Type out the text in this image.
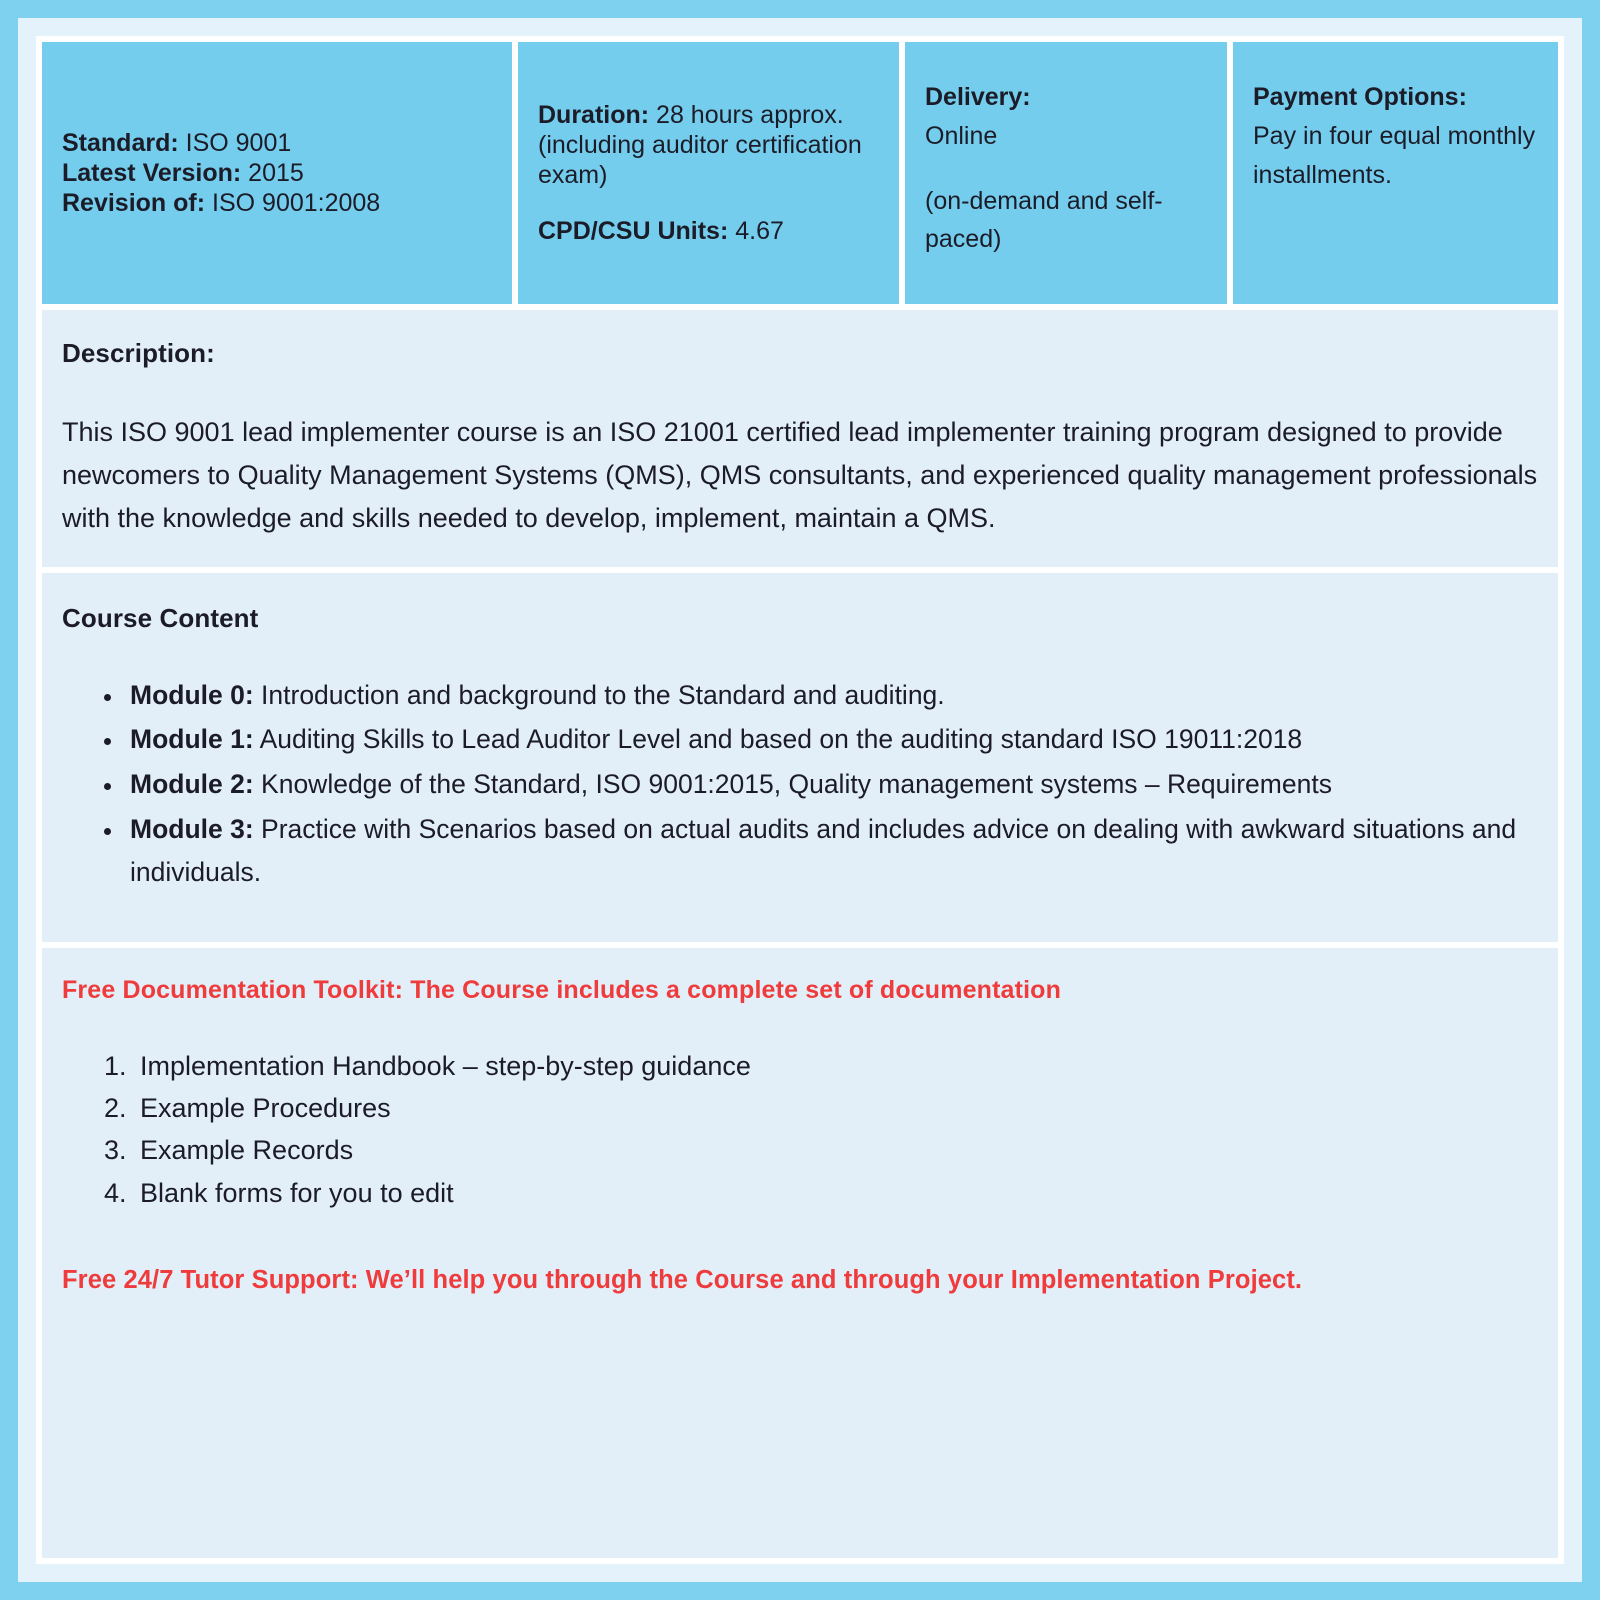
Standard: ISO 9001
Latest Version: 2015
Revision of: ISO 9001:2008
Duration: 28 hours approx. (including auditor certification exam)
CPD/CSU Units: 4.67
Delivery:
Online
(on-demand and self-paced)
Payment Options:
Pay in four equal monthly installments.
Description:
This ISO 9001 lead implementer course is an ISO 21001 certified lead implementer training program designed to provide newcomers to Quality Management Systems (QMS), QMS consultants, and experienced quality management professionals with the knowledge and skills needed to develop, implement, maintain a QMS.
Course Content
• Module 0: Introduction and background to the Standard and auditing.
• Module 1: Auditing Skills to Lead Auditor Level and based on the auditing standard ISO 19011:2018
• Module 2: Knowledge of the Standard, ISO 9001:2015, Quality management systems – Requirements
• Module 3: Practice with Scenarios based on actual audits and includes advice on dealing with awkward situations and individuals.
Free Documentation Toolkit: The Course includes a complete set of documentation
1. Implementation Handbook – step-by-step guidance
2. Example Procedures
3. Example Records
4. Blank forms for you to edit
Free 24/7 Tutor Support: We’ll help you through the Course and through your Implementation Project.
